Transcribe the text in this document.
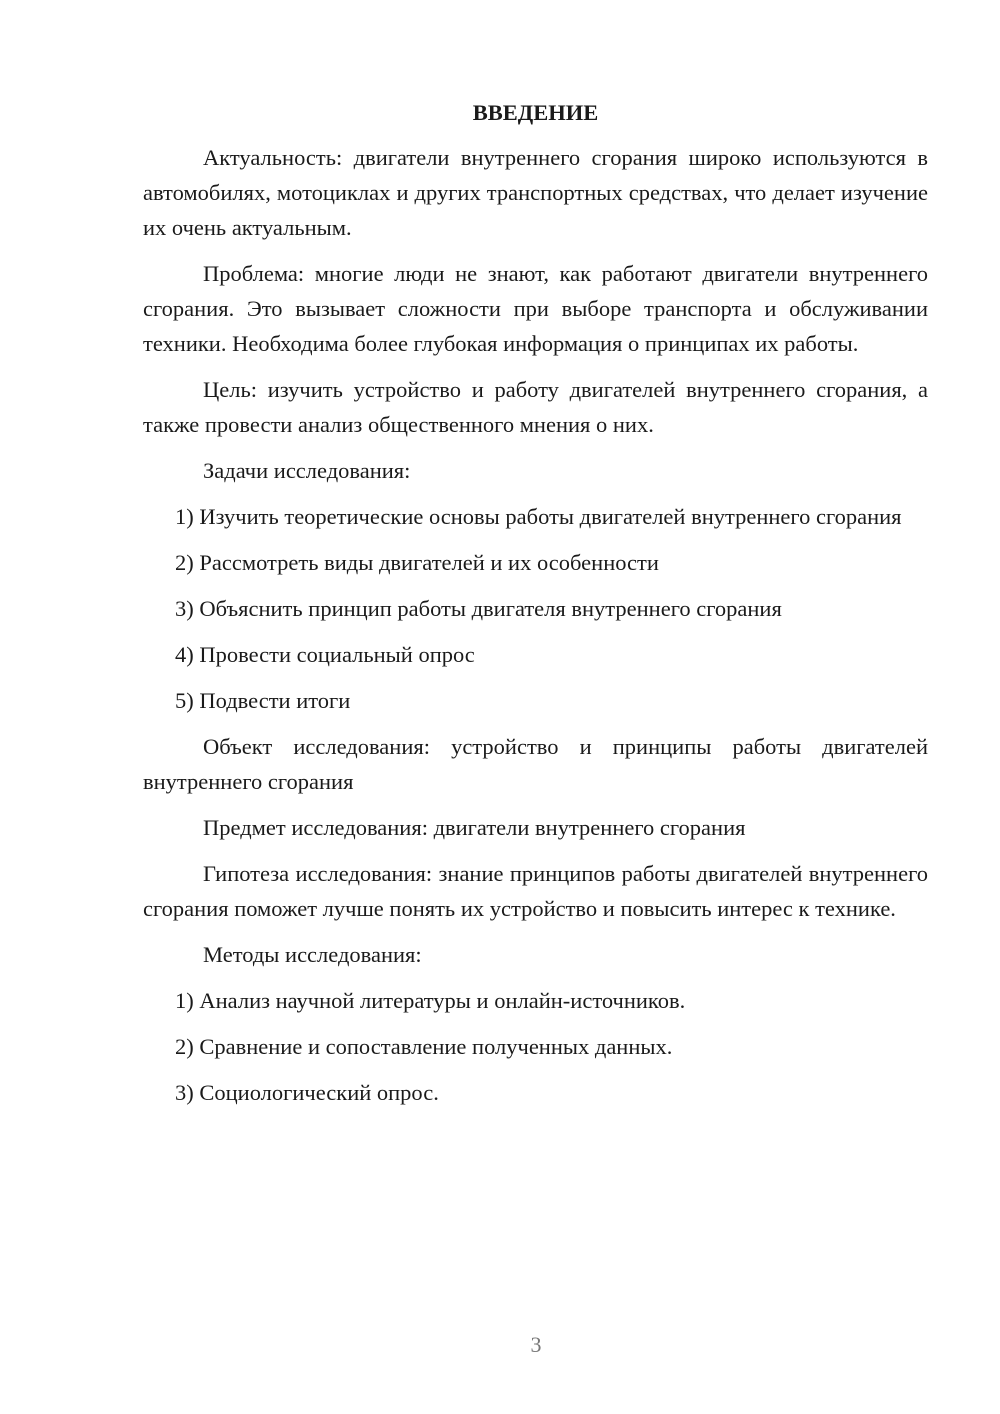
ВВЕДЕНИЕ

Актуальность: двигатели внутреннего сгорания широко используются в автомобилях, мотоциклах и других транспортных средствах, что делает изучение их очень актуальным.

Проблема: многие люди не знают, как работают двигатели внутреннего сгорания. Это вызывает сложности при выборе транспорта и обслуживании техники. Необходима более глубокая информация о принципах их работы.

Цель: изучить устройство и работу двигателей внутреннего сгорания, а также провести анализ общественного мнения о них.

Задачи исследования:

1) Изучить теоретические основы работы двигателей внутреннего сгорания

2) Рассмотреть виды двигателей и их особенности

3) Объяснить принцип работы двигателя внутреннего сгорания

4) Провести социальный опрос

5) Подвести итоги

Объект исследования: устройство и принципы работы двигателей внутреннего сгорания

Предмет исследования: двигатели внутреннего сгорания

Гипотеза исследования: знание принципов работы двигателей внутреннего сгорания поможет лучше понять их устройство и повысить интерес к технике.

Методы исследования:

1) Анализ научной литературы и онлайн-источников.

2) Сравнение и сопоставление полученных данных.

3) Социологический опрос.

3
